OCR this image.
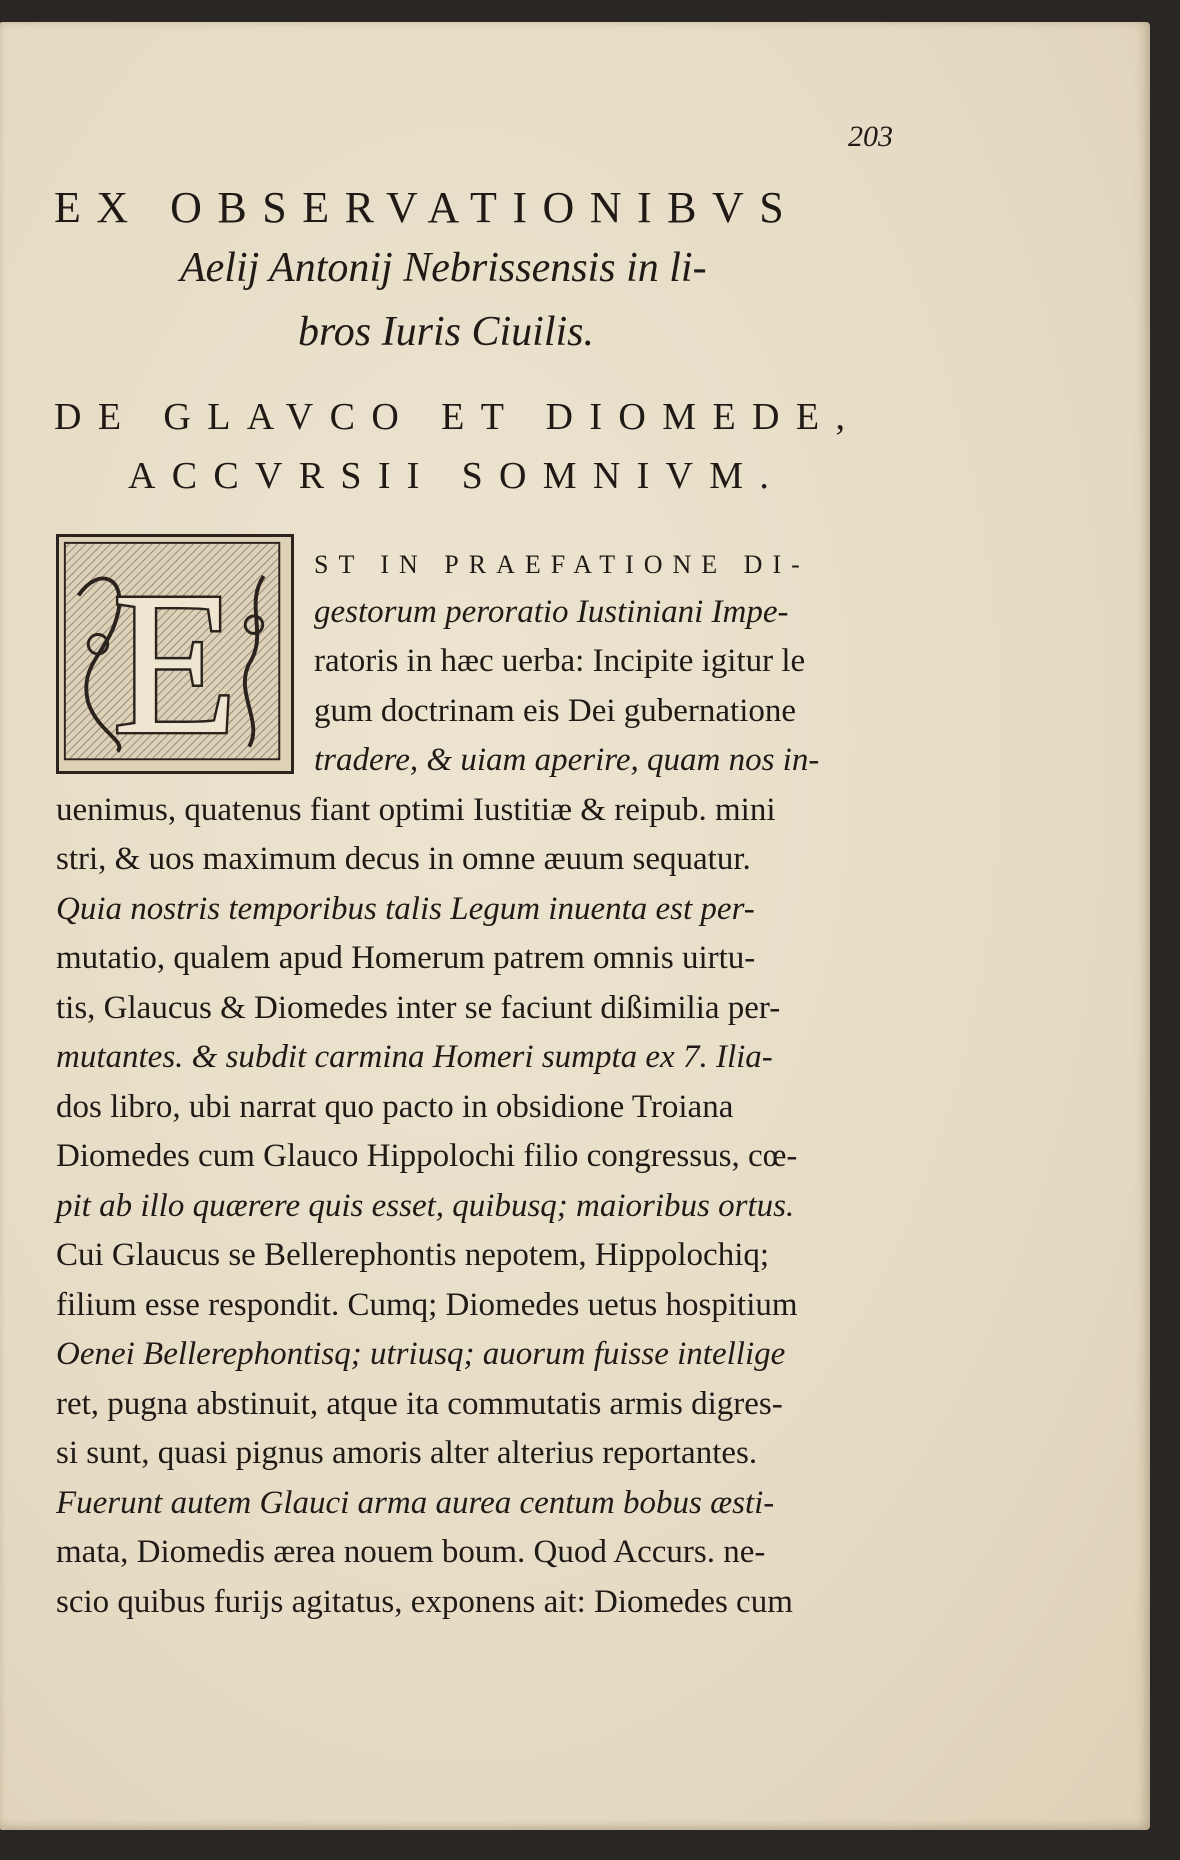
203
EX OBSERVATIONIBVS
Aelij Antonij Nebrissensis in li-
bros Iuris Ciuilis.
DE GLAVCO ET DIOMEDE,
ACCVRSII SOMNIVM.
E	ST IN PRAEFATIONE DI-
gestorum peroratio Iustiniani Impe-
ratoris in hæc uerba: Incipite igitur le
gum doctrinam eis Dei gubernatione
tradere, & uiam aperire, quam nos in-
uenimus, quatenus fiant optimi Iustitiæ & reipub. mini
stri, & uos maximum decus in omne æuum sequatur.
Quia nostris temporibus talis Legum inuenta est per-
mutatio, qualem apud Homerum patrem omnis uirtu-
tis, Glaucus & Diomedes inter se faciunt dißimilia per-
mutantes. & subdit carmina Homeri sumpta ex 7. Ilia-
dos libro, ubi narrat quo pacto in obsidione Troiana
Diomedes cum Glauco Hippolochi filio congressus, cœ-
pit ab illo quærere quis esset, quibusq; maioribus ortus.
Cui Glaucus se Bellerephontis nepotem, Hippolochiq;
filium esse respondit. Cumq; Diomedes uetus hospitium
Oenei Bellerephontisq; utriusq; auorum fuisse intellige
ret, pugna abstinuit, atque ita commutatis armis digres-
si sunt, quasi pignus amoris alter alterius reportantes.
Fuerunt autem Glauci arma aurea centum bobus æsti-
mata, Diomedis ærea nouem boum. Quod Accurs. ne-
scio quibus furijs agitatus, exponens ait: Diomedes cum
